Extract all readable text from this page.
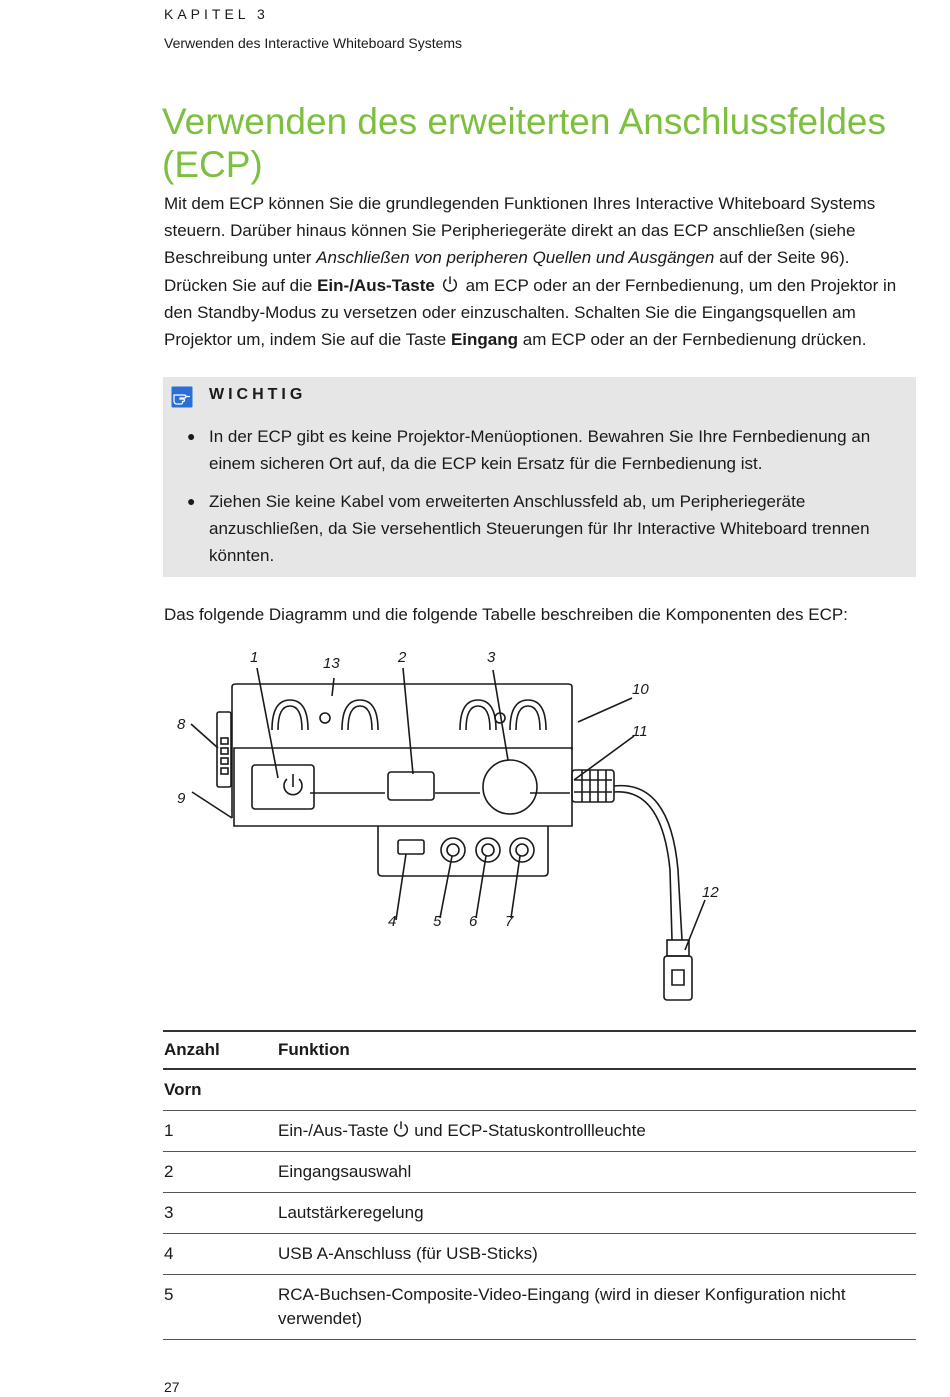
KAPITEL 3
Verwenden des Interactive Whiteboard Systems
Verwenden des erweiterten Anschlussfeldes (ECP)

Mit dem ECP können Sie die grundlegenden Funktionen Ihres Interactive Whiteboard Systems steuern. Darüber hinaus können Sie Peripheriegeräte direkt an das ECP anschließen (siehe Beschreibung unter Anschließen von peripheren Quellen und Ausgängen auf der Seite 96).

Drücken Sie auf die Ein-/Aus-Taste am ECP oder an der Fernbedienung, um den Projektor in den Standby-Modus zu versetzen oder einzuschalten. Schalten Sie die Eingangsquellen am Projektor um, indem Sie auf die Taste Eingang am ECP oder an der Fernbedienung drücken.

WICHTIG
● In der ECP gibt es keine Projektor-Menüoptionen. Bewahren Sie Ihre Fernbedienung an einem sicheren Ort auf, da die ECP kein Ersatz für die Fernbedienung ist.
● Ziehen Sie keine Kabel vom erweiterten Anschlussfeld ab, um Peripheriegeräte anzuschließen, da Sie versehentlich Steuerungen für Ihr Interactive Whiteboard trennen könnten.

Das folgende Diagramm und die folgende Tabelle beschreiben die Komponenten des ECP:

1	13	2	3
10
8	11
9
12
4 5 6 7
Anzahl	Funktion
Vorn	
1	Ein-/Aus-Taste und ECP-Statuskontrollleuchte
2	Eingangsauswahl
3	Lautstärkeregelung
4	USB A-Anschluss (für USB-Sticks)
5	RCA-Buchsen-Composite-Video-Eingang (wird in dieser Konfiguration nicht verwendet)
27
